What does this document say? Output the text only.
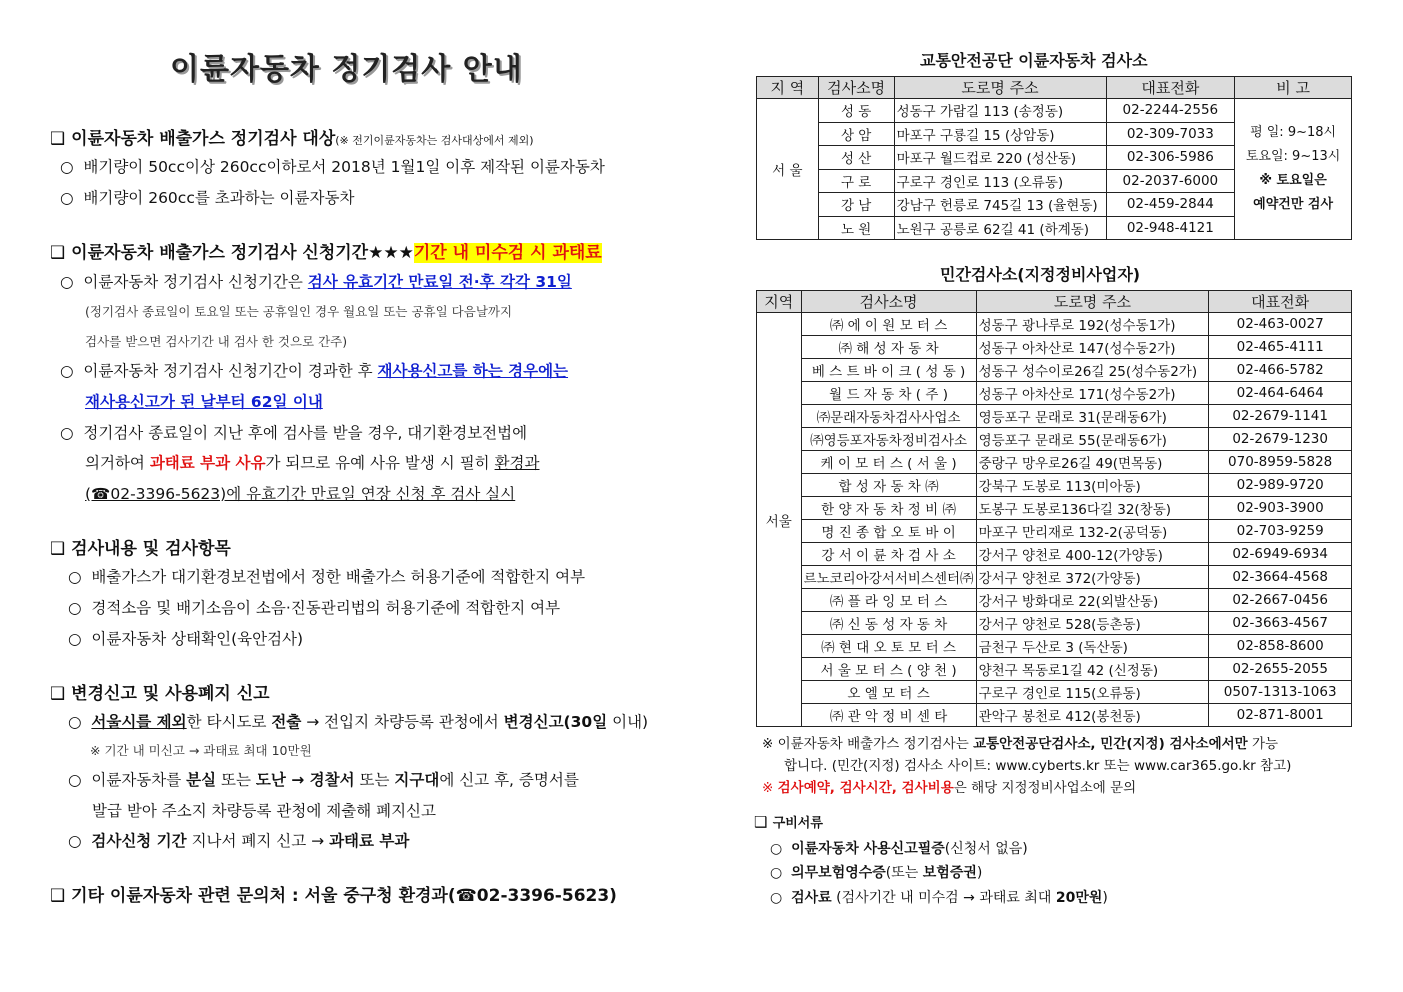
이륜자동차 정기검사 안내
❑ 이륜자동차 배출가스 정기검사 대상(※ 전기이륜자동차는 검사대상에서 제외)
○ 배기량이 50cc이상 260cc이하로서 2018년 1월1일 이후 제작된 이륜자동차
○ 배기량이 260cc를 초과하는 이륜자동차
❑ 이륜자동차 배출가스 정기검사 신청기간★★★기간 내 미수검 시 과태료
○ 이륜자동차 정기검사 신청기간은 검사 유효기간 만료일 전·후 각각 31일
(정기검사 종료일이 토요일 또는 공휴일인 경우 월요일 또는 공휴일 다음날까지
검사를 받으면 검사기간 내 검사 한 것으로 간주)
○ 이륜자동차 정기검사 신청기간이 경과한 후 재사용신고를 하는 경우에는
재사용신고가 된 날부터 62일 이내
○ 정기검사 종료일이 지난 후에 검사를 받을 경우, 대기환경보전법에
의거하여 과태료 부과 사유가 되므로 유예 사유 발생 시 필히 환경과
(☎02-3396-5623)에 유효기간 만료일 연장 신청 후 검사 실시
❑ 검사내용 및 검사항목
○ 배출가스가 대기환경보전법에서 정한 배출가스 허용기준에 적합한지 여부
○ 경적소음 및 배기소음이 소음·진동관리법의 허용기준에 적합한지 여부
○ 이륜자동차 상태확인(육안검사)
❑ 변경신고 및 사용폐지 신고
○ 서울시를 제외한 타시도로 전출 → 전입지 차량등록 관청에서 변경신고(30일 이내)
※ 기간 내 미신고 → 과태료 최대 10만원
○ 이륜자동차를 분실 또는 도난 → 경찰서 또는 지구대에 신고 후, 증명서를
발급 받아 주소지 차량등록 관청에 제출해 폐지신고
○ 검사신청 기간 지나서 폐지 신고 → 과태료 부과
❑ 기타 이륜자동차 관련 문의처 : 서울 중구청 환경과(☎02-3396-5623)
교통안전공단 이륜자동차 검사소
지 역	검사소명	도로명 주소	대표전화	비 고
서 울	성 동	성동구 가람길 113 (송정동)	02-2244-2556	평 일: 9~18시
토요일: 9~13시
※ 토요일은
예약건만 검사

	상 암	마포구 구룡길 15 (상암동)	02-309-7033	
	성 산	마포구 월드컵로 220 (성산동)	02-306-5986	
	구 로	구로구 경인로 113 (오류동)	02-2037-6000	
	강 남	강남구 헌릉로 745길 13 (율현동)	02-459-2844	
	노 원	노원구 공릉로 62길 41 (하계동)	02-948-4121	
민간검사소(지정정비사업자)
지역	검사소명	도로명 주소	대표전화
서울	㈜ 에 이 원 모 터 스	성동구 광나루로 192(성수동1가)	02-463-0027
	㈜ 해 성 자 동 차	성동구 아차산로 147(성수동2가)	02-465-4111
	베 스 트 바 이 크 ( 성 동 )	성동구 성수이로26길 25(성수동2가)	02-466-5782
	월 드 자 동 차 ( 주 )	성동구 아차산로 171(성수동2가)	02-464-6464
	㈜문래자동차검사사업소	영등포구 문래로 31(문래동6가)	02-2679-1141
	㈜영등포자동차정비검사소	영등포구 문래로 55(문래동6가)	02-2679-1230
	케 이 모 터 스 ( 서 울 )	중랑구 망우로26길 49(면목동)	070-8959-5828
	합 성 자 동 차 ㈜	강북구 도봉로 113(미아동)	02-989-9720
	한 양 자 동 차 정 비 ㈜	도봉구 도봉로136다길 32(창동)	02-903-3900
	명 진 종 합 오 토 바 이	마포구 만리재로 132-2(공덕동)	02-703-9259
	강 서 이 륜 차 검 사 소	강서구 양천로 400-12(가양동)	02-6949-6934
	르노코리아강서서비스센터㈜	강서구 양천로 372(가양동)	02-3664-4568
	㈜ 플 라 잉 모 터 스	강서구 방화대로 22(외발산동)	02-2667-0456
	㈜ 신 동 성 자 동 차	강서구 양천로 528(등촌동)	02-3663-4567
	㈜ 현 대 오 토 모 터 스	금천구 두산로 3 (독산동)	02-858-8600
	서 울 모 터 스 ( 양 천 )	양천구 목동로1길 42 (신정동)	02-2655-2055
	오 엘 모 터 스	구로구 경인로 115(오류동)	0507-1313-1063
	㈜ 관 악 정 비 센 타	관악구 봉천로 412(봉천동)	02-871-8001
※ 이륜자동차 배출가스 정기검사는 교통안전공단검사소, 민간(지정) 검사소에서만 가능
합니다. (민간(지정) 검사소 사이트: www.cyberts.kr 또는 www.car365.go.kr 참고)
※ 검사예약, 검사시간, 검사비용은 해당 지정정비사업소에 문의
❑ 구비서류
○ 이륜자동차 사용신고필증(신청서 없음)
○ 의무보험영수증(또는 보험증권)
○ 검사료 (검사기간 내 미수검 → 과태료 최대 20만원)
